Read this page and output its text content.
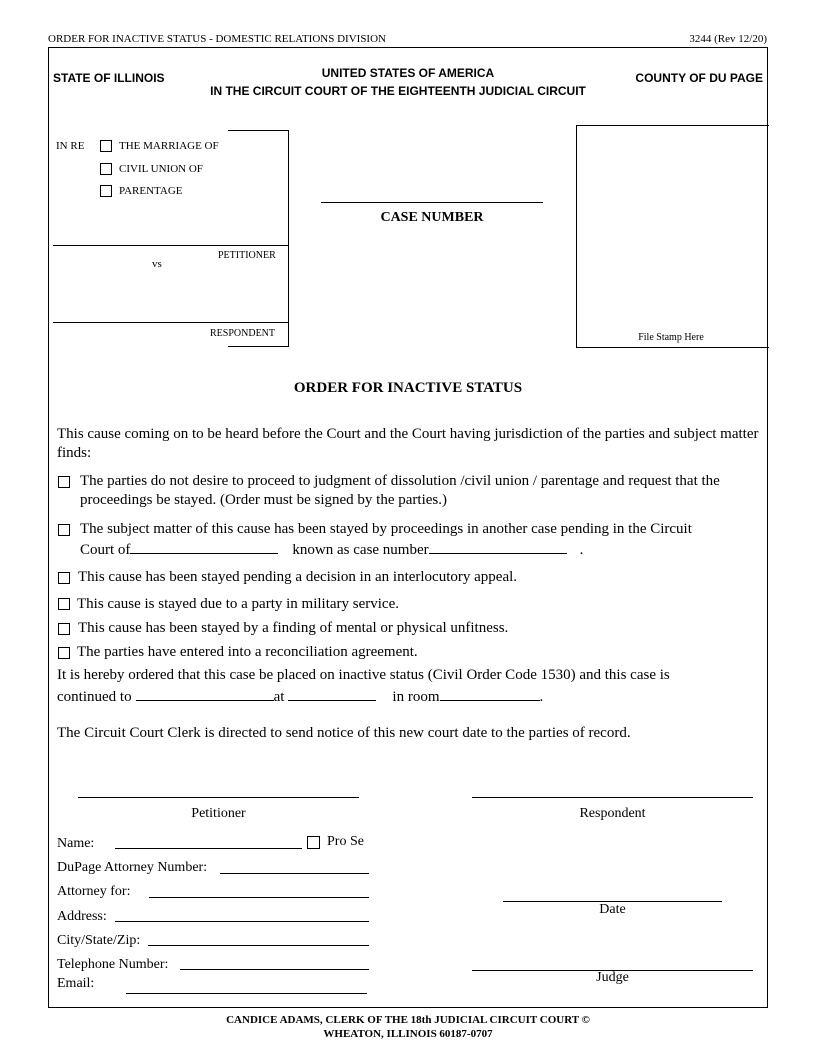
ORDER FOR INACTIVE STATUS - DOMESTIC RELATIONS DIVISION	3244 (Rev 12/20)
STATE OF ILLINOIS	UNITED STATES OF AMERICA
IN THE CIRCUIT COURT OF THE EIGHTEENTH JUDICIAL CIRCUIT
COUNTY OF DU PAGE
IN RE	THE MARRIAGE OF
CIVIL UNION OF
PARENTAGE
PETITIONER
vs
RESPONDENT
CASE NUMBER
File Stamp Here
ORDER FOR INACTIVE STATUS
This cause coming on to be heard before the Court and the Court having jurisdiction of the parties and subject matter finds:
The parties do not desire to proceed to judgment of dissolution /civil union / parentage and request that the proceedings be stayed. (Order must be signed by the parties.)
The subject matter of this cause has been stayed by proceedings in another case pending in the Circuit
Court of	known as case number	.
This cause has been stayed pending a decision in an interlocutory appeal.
This cause is stayed due to a party in military service.
This cause has been stayed by a finding of mental or physical unfitness.
The parties have entered into a reconciliation agreement.
It is hereby ordered that this case be placed on inactive status (Civil Order Code 1530) and this case is
continued to	at	in room	.
The Circuit Court Clerk is directed to send notice of this new court date to the parties of record.
Petitioner	Respondent
Name:	Pro Se
DuPage Attorney Number:
Attorney for:
Address:
City/State/Zip:
Telephone Number:
Email:
Date
Judge
CANDICE ADAMS, CLERK OF THE 18th JUDICIAL CIRCUIT COURT ©
WHEATON, ILLINOIS 60187-0707
